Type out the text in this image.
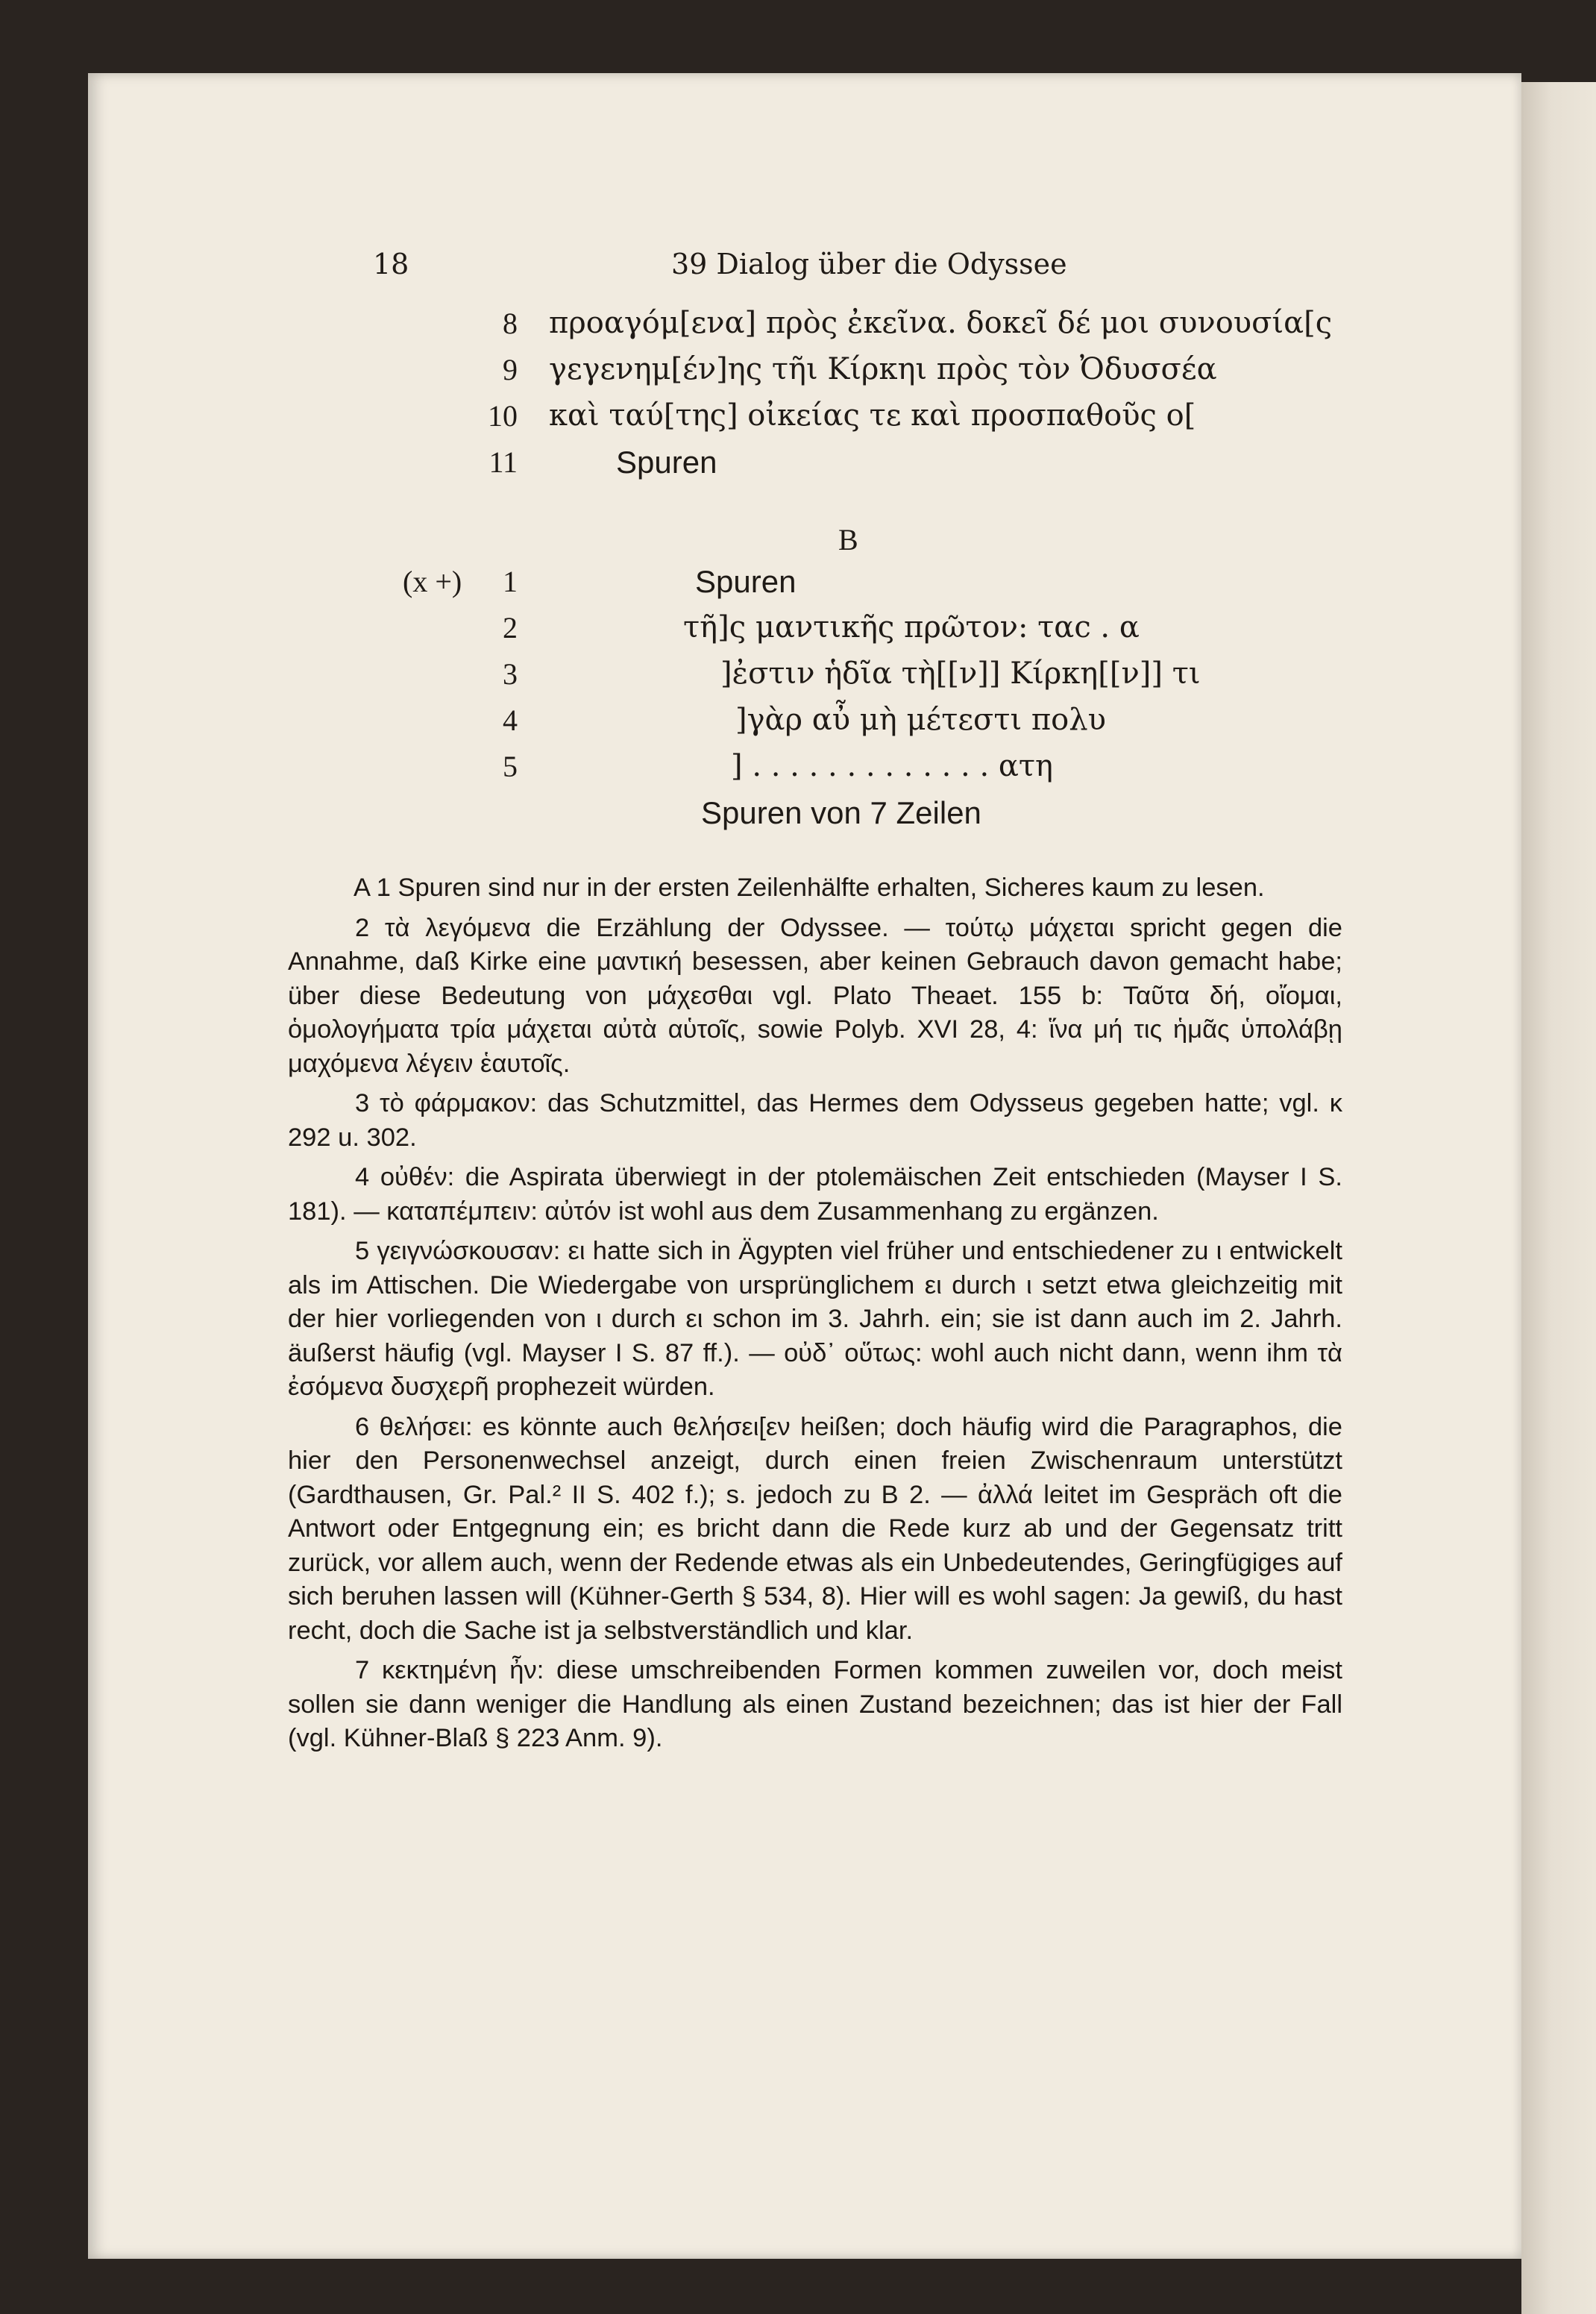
18	39 Dialog über die Odyssee
8 προαγόμ[ενα] πρὸς ἐκεῖνα. δοκεῖ δέ μοι συνουσία[ς
9 γεγενημ[έν]ης τῆι Κίρκηι πρὸς τὸν Ὀδυσσέα
10 καὶ ταύ[της] οἰκείας τε καὶ προσπαθοῦς ο[
11	Spuren
B
(x +) 1	Spuren
2	τῆ]ς μαντικῆς πρῶτον: ταc . α
3	]ἐστιν ἡδῖα τὴ[[ν]] Κίρκη[[ν]] τι
4	]γὰρ αὖ μὴ μέτεστι πολυ
5	] . . . . . . . . . . . . . ατη
Spuren von 7 Zeilen

A 1 Spuren sind nur in der ersten Zeilenhälfte erhalten, Sicheres kaum zu lesen.

2 τὰ λεγόμενα die Erzählung der Odyssee. — τούτῳ μάχεται spricht gegen die Annahme, daß Kirke eine μαντική besessen, aber keinen Gebrauch davon gemacht habe; über diese Bedeutung von μάχεσθαι vgl. Plato Theaet. 155 b: Ταῦτα δή, οἴομαι, ὁμολογήματα τρία μάχεται αὐτὰ αὑτοῖς, sowie Polyb. XVI 28, 4: ἵνα μή τις ἡμᾶς ὑπολάβῃ μαχόμενα λέγειν ἑαυτοῖς.

3 τὸ φάρμακον: das Schutzmittel, das Hermes dem Odysseus gegeben hatte; vgl. κ 292 u. 302.

4 οὐθέν: die Aspirata überwiegt in der ptolemäischen Zeit entschieden (Mayser I S. 181). — καταπέμπειν: αὐτόν ist wohl aus dem Zusammenhang zu ergänzen.

5 γειγνώσκουσαν: ει hatte sich in Ägypten viel früher und entschiedener zu ι entwickelt als im Attischen. Die Wiedergabe von ursprünglichem ει durch ι setzt etwa gleichzeitig mit der hier vorliegenden von ι durch ει schon im 3. Jahrh. ein; sie ist dann auch im 2. Jahrh. äußerst häufig (vgl. Mayser I S. 87 ff.). — οὐδ᾽ οὕτως: wohl auch nicht dann, wenn ihm τὰ ἐσόμενα δυσχερῆ prophezeit würden.

6 θελήσει: es könnte auch θελήσει[εν heißen; doch häufig wird die Paragraphos, die hier den Personenwechsel anzeigt, durch einen freien Zwischenraum unterstützt (Gardthausen, Gr. Pal.² II S. 402 f.); s. jedoch zu B 2. — ἀλλά leitet im Gespräch oft die Antwort oder Entgegnung ein; es bricht dann die Rede kurz ab und der Gegensatz tritt zurück, vor allem auch, wenn der Redende etwas als ein Unbedeutendes, Geringfügiges auf sich beruhen lassen will (Kühner-Gerth § 534, 8). Hier will es wohl sagen: Ja gewiß, du hast recht, doch die Sache ist ja selbstverständlich und klar.

7 κεκτημένη ἦν: diese umschreibenden Formen kommen zuweilen vor, doch meist sollen sie dann weniger die Handlung als einen Zustand bezeichnen; das ist hier der Fall (vgl. Kühner-Blaß § 223 Anm. 9).
